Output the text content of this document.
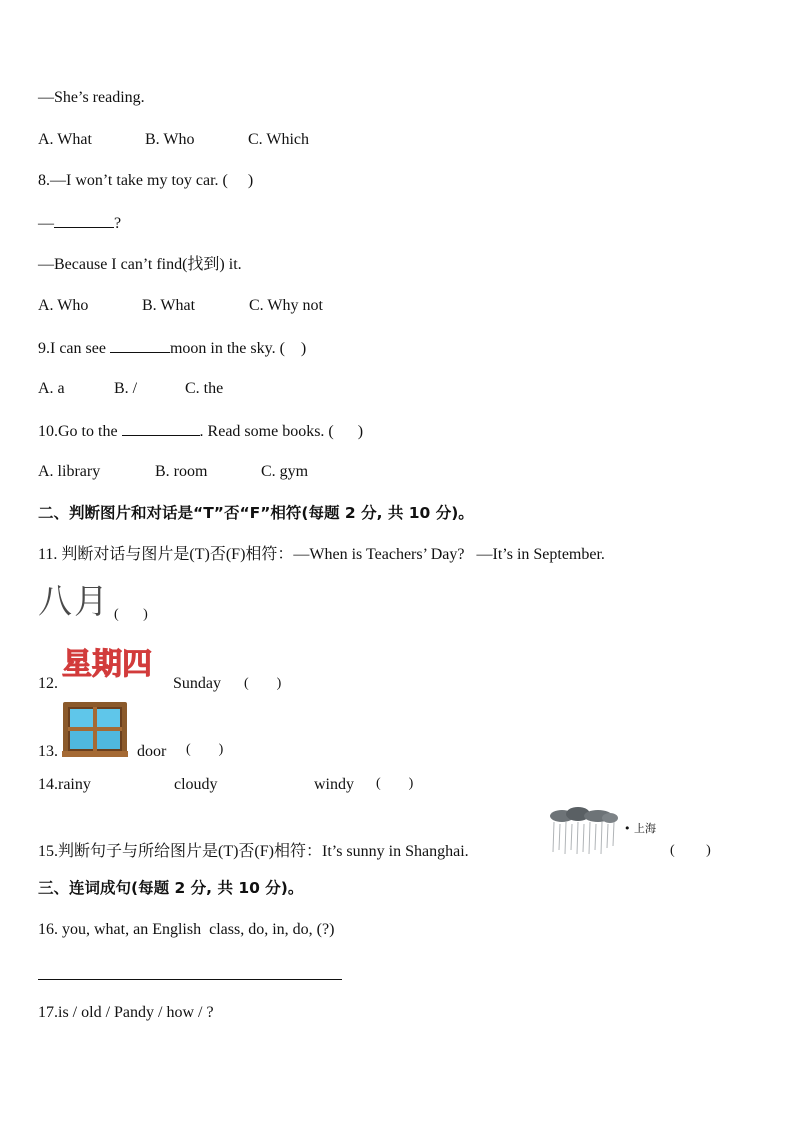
—She’s reading.
A. What	B. Who	C. Which
8.—I won’t take my toy car. (     )
—	?
—Because I can’t find(找到) it.
A. Who	B. What	C. Why not
9.I can see	moon in the sky. (    )
A. a	B. /	C. the
10.Go to the	. Read some books. (      )
A. library	B. room	C. gym
二、判断图片和对话是“T”否“F”相符(每题 2 分, 共 10 分)。
11. 判断对话与图片是(T)否(F)相符：—When is Teachers’ Day?   —It’s in September.
八月 (       )
12.
星期四
Sunday (        )
13.	door (        )
14.rainy	cloudy	windy (        )
15.判断句子与所给图片是(T)否(F)相符：It’s sunny in Shanghai.
• 上海
(         )
三、连词成句(每题 2 分, 共 10 分)。
16. you, what, an English  class, do, in, do, (?)
17.is / old / Pandy / how / ?
